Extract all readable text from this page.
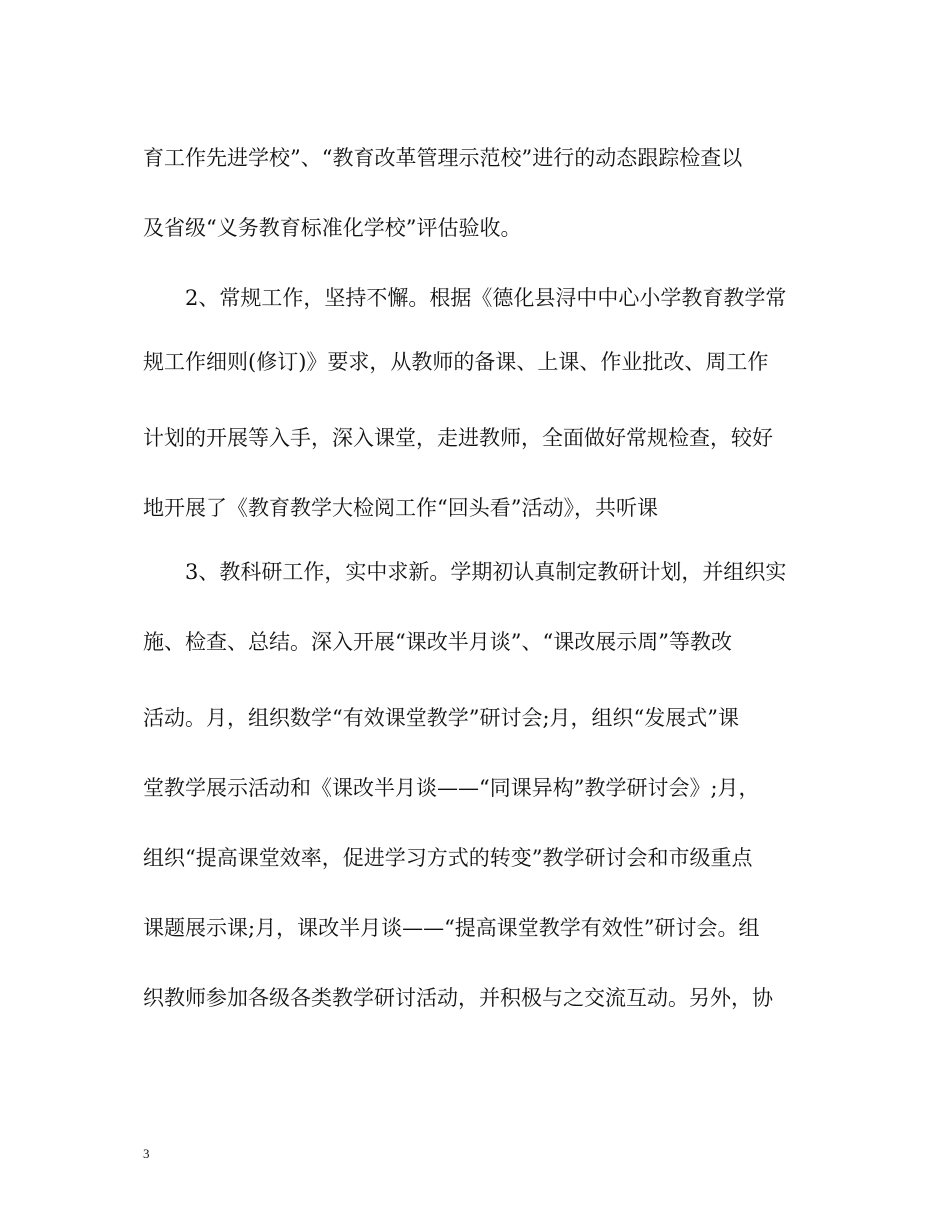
育工作先进学校”、“教育改革管理示范校”进行的动态跟踪检查以
及省级“义务教育标准化学校”评估验收。
　　2、常规工作，坚持不懈。根据《德化县浔中中心小学教育教学常
规工作细则(修订)》要求，从教师的备课、上课、作业批改、周工作
计划的开展等入手，深入课堂，走进教师，全面做好常规检查，较好
地开展了《教育教学大检阅工作“回头看”活动》，共听课
　　3、教科研工作，实中求新。学期初认真制定教研计划，并组织实
施、检查、总结。深入开展“课改半月谈”、“课改展示周”等教改
活动。月，组织数学“有效课堂教学”研讨会;月，组织“发展式”课
堂教学展示活动和《课改半月谈——“同课异构”教学研讨会》;月，
组织“提高课堂效率，促进学习方式的转变”教学研讨会和市级重点
课题展示课;月，课改半月谈——“提高课堂教学有效性”研讨会。组
织教师参加各级各类教学研讨活动，并积极与之交流互动。另外，协
3
